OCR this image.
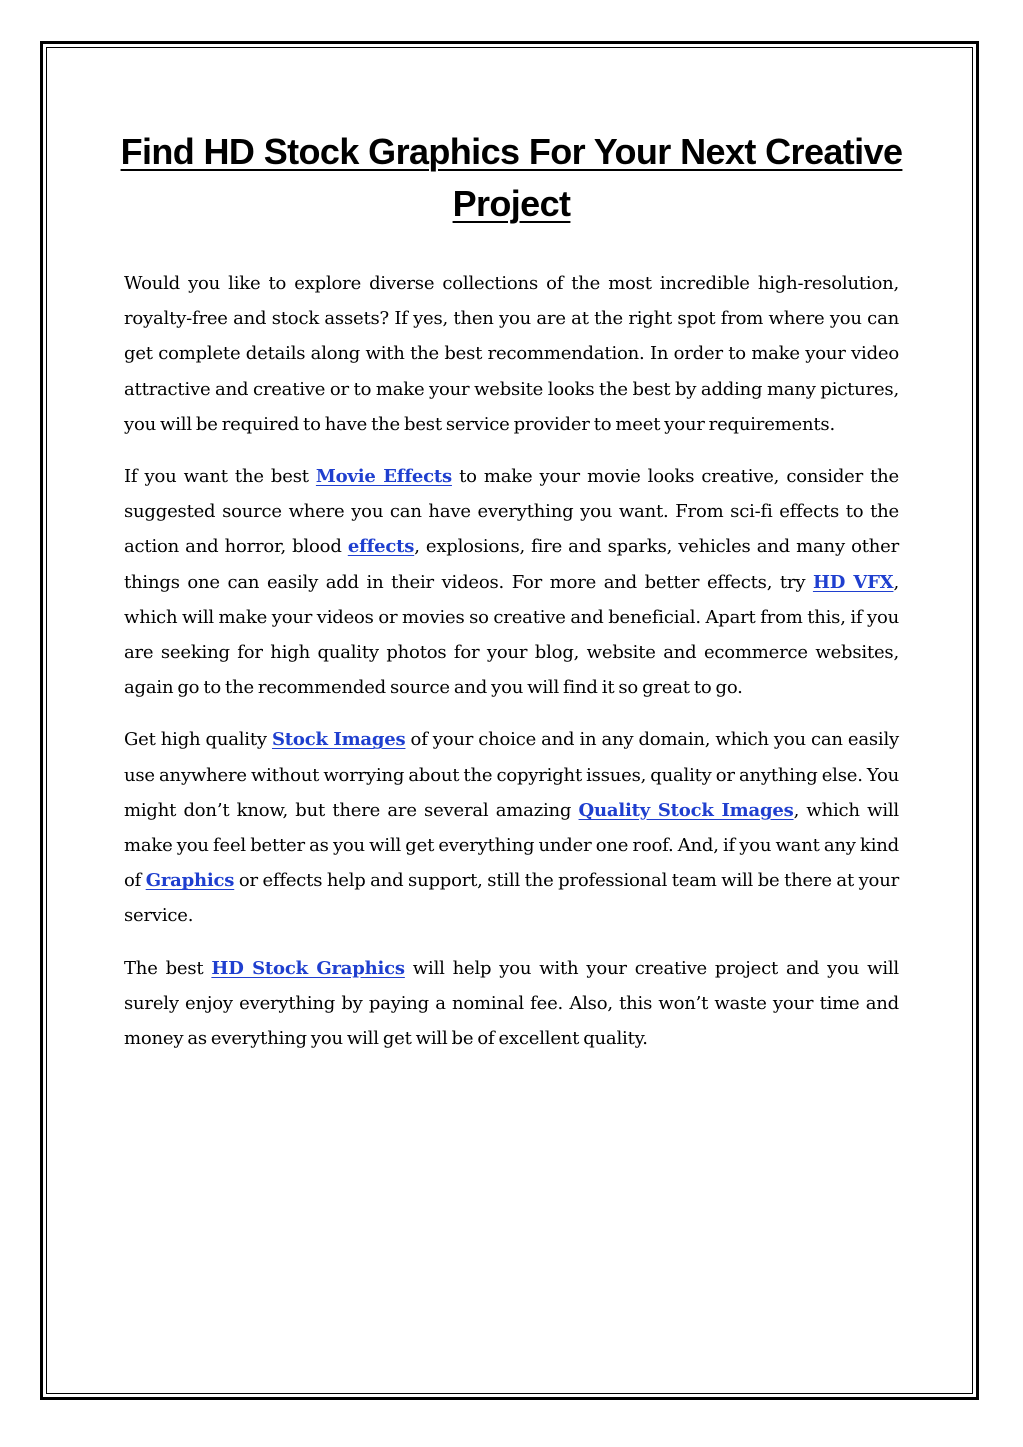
Find HD Stock Graphics For Your Next Creative Project

Would you like to explore diverse collections of the most incredible high-resolution, royalty-free and stock assets? If yes, then you are at the right spot from where you can get complete details along with the best recommendation. In order to make your video attractive and creative or to make your website looks the best by adding many pictures, you will be required to have the best service provider to meet your requirements.

If you want the best Movie Effects to make your movie looks creative, consider the suggested source where you can have everything you want. From sci-fi effects to the action and horror, blood effects, explosions, fire and sparks, vehicles and many other things one can easily add in their videos. For more and better effects, try HD VFX, which will make your videos or movies so creative and beneficial. Apart from this, if you are seeking for high quality photos for your blog, website and ecommerce websites, again go to the recommended source and you will find it so great to go.

Get high quality Stock Images of your choice and in any domain, which you can easily use anywhere without worrying about the copyright issues, quality or anything else. You might don’t know, but there are several amazing Quality Stock Images, which will make you feel better as you will get everything under one roof. And, if you want any kind of Graphics or effects help and support, still the professional team will be there at your service.

The best HD Stock Graphics will help you with your creative project and you will surely enjoy everything by paying a nominal fee. Also, this won’t waste your time and money as everything you will get will be of excellent quality.
